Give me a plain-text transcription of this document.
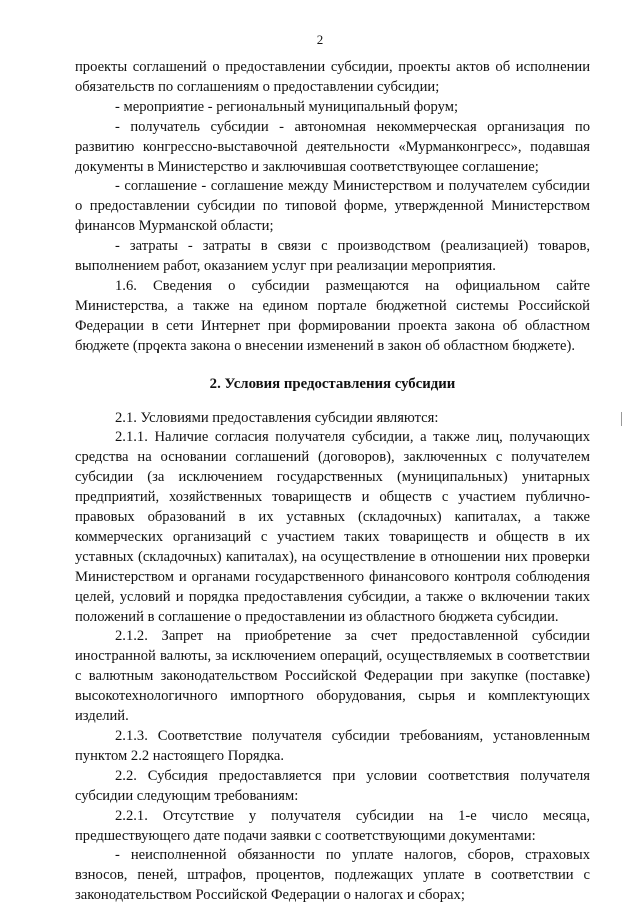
2

проекты соглашений о предоставлении субсидии, проекты актов об исполнении обязательств по соглашениям о предоставлении субсидии;

- мероприятие - региональный муниципальный форум;

- получатель субсидии - автономная некоммерческая организация по развитию конгрессно-выставочной деятельности «Мурманконгресс», подавшая документы в Министерство и заключившая соответствующее соглашение;

- соглашение - соглашение между Министерством и получателем субсидии о предоставлении субсидии по типовой форме, утвержденной Министерством финансов Мурманской области;

- затраты - затраты в связи с производством (реализацией) товаров, выполнением работ, оказанием услуг при реализации мероприятия.

1.6. Сведения о субсидии размещаются на официальном сайте Министерства, а также на едином портале бюджетной системы Российской Федерации в сети Интернет при формировании проекта закона об областном бюджете (проекта закона о внесении изменений в закон об областном бюджете).

2. Условия предоставления субсидии

2.1. Условиями предоставления субсидии являются:

2.1.1. Наличие согласия получателя субсидии, а также лиц, получающих средства на основании соглашений (договоров), заключенных с получателем субсидии (за исключением государственных (муниципальных) унитарных предприятий, хозяйственных товариществ и обществ с участием публично-правовых образований в их уставных (складочных) капиталах, а также коммерческих организаций с участием таких товариществ и обществ в их уставных (складочных) капиталах), на осуществление в отношении них проверки Министерством и органами государственного финансового контроля соблюдения целей, условий и порядка предоставления субсидии, а также о включении таких положений в соглашение о предоставлении из областного бюджета субсидии.

2.1.2. Запрет на приобретение за счет предоставленной субсидии иностранной валюты, за исключением операций, осуществляемых в соответствии с валютным законодательством Российской Федерации при закупке (поставке) высокотехнологичного импортного оборудования, сырья и комплектующих изделий.

2.1.3. Соответствие получателя субсидии требованиям, установленным пунктом 2.2 настоящего Порядка.

2.2. Субсидия предоставляется при условии соответствия получателя субсидии следующим требованиям:

2.2.1. Отсутствие у получателя субсидии на 1-е число месяца, предшествующего дате подачи заявки с соответствующими документами:

- неисполненной обязанности по уплате налогов, сборов, страховых взносов, пеней, штрафов, процентов, подлежащих уплате в соответствии с законодательством Российской Федерации о налогах и сборах;
